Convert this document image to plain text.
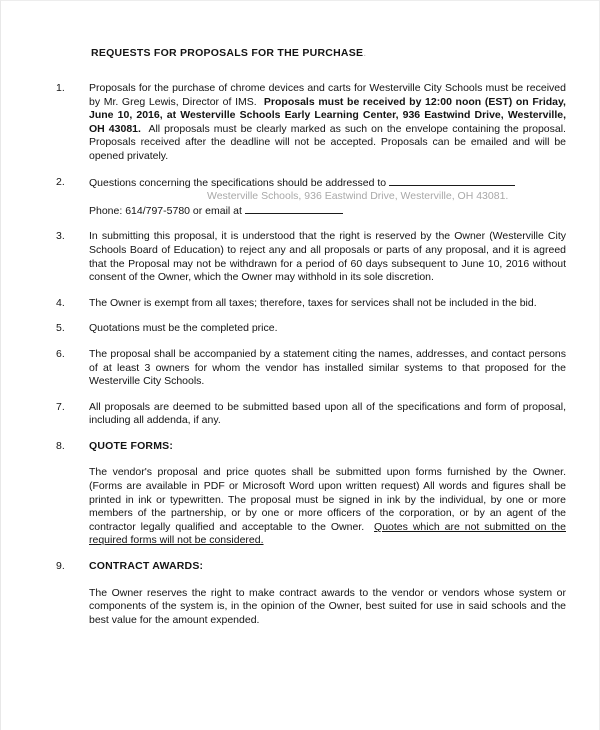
REQUESTS FOR PROPOSALS FOR THE PURCHASE.
1.	Proposals for the purchase of chrome devices and carts for Westerville City Schools must be received by Mr. Greg Lewis, Director of IMS. Proposals must be received by 12:00 noon (EST) on Friday, June 10, 2016, at Westerville Schools Early Learning Center, 936 Eastwind Drive, Westerville, OH 43081. All proposals must be clearly marked as such on the envelope containing the proposal. Proposals received after the deadline will not be accepted. Proposals can be emailed and will be opened privately.
2.	Questions concerning the specifications should be addressed to
Westerville Schools, 936 Eastwind Drive, Westerville, OH 43081.
Phone: 614/797-5780 or email at
3.	In submitting this proposal, it is understood that the right is reserved by the Owner (Westerville City Schools Board of Education) to reject any and all proposals or parts of any proposal, and it is agreed that the Proposal may not be withdrawn for a period of 60 days subsequent to June 10, 2016 without consent of the Owner, which the Owner may withhold in its sole discretion.
4.	The Owner is exempt from all taxes; therefore, taxes for services shall not be included in the bid.
5.	Quotations must be the completed price.
6.	The proposal shall be accompanied by a statement citing the names, addresses, and contact persons of at least 3 owners for whom the vendor has installed similar systems to that proposed for the Westerville City Schools.
7.	All proposals are deemed to be submitted based upon all of the specifications and form of proposal, including all addenda, if any.
8.	QUOTE FORMS:
The vendor's proposal and price quotes shall be submitted upon forms furnished by the Owner. (Forms are available in PDF or Microsoft Word upon written request) All words and figures shall be printed in ink or typewritten. The proposal must be signed in ink by the individual, by one or more members of the partnership, or by one or more officers of the corporation, or by an agent of the contractor legally qualified and acceptable to the Owner. Quotes which are not submitted on the required forms will not be considered.
9.	CONTRACT AWARDS:
The Owner reserves the right to make contract awards to the vendor or vendors whose system or components of the system is, in the opinion of the Owner, best suited for use in said schools and the best value for the amount expended.
